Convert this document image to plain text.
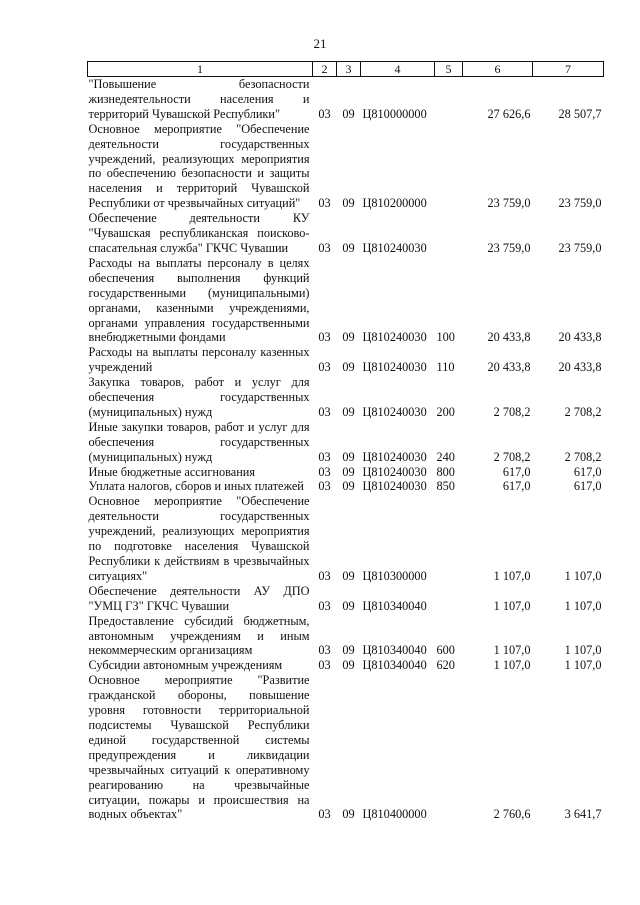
21
1	2	3	4	5	6	7
"Повышение безопасности жизнедеятельности населения и территорий Чувашской Республики"	03	09	Ц810000000		27 626,6	28 507,7
Основное мероприятие "Обеспечение деятельности государственных учреждений, реализующих мероприятия по обеспечению безопасности и защиты населения и территорий Чувашской Республики от чрезвычайных ситуаций"	03	09	Ц810200000		23 759,0	23 759,0
Обеспечение деятельности КУ "Чувашская республиканская поисково-спасательная служба" ГКЧС Чувашии	03	09	Ц810240030		23 759,0	23 759,0
Расходы на выплаты персоналу в целях обеспечения выполнения функций государственными (муниципальными) органами, казенными учреждениями, органами управления государственными внебюджетными фондами	03	09	Ц810240030	100	20 433,8	20 433,8
Расходы на выплаты персоналу казенных учреждений	03	09	Ц810240030	110	20 433,8	20 433,8
Закупка товаров, работ и услуг для обеспечения государственных (муниципальных) нужд	03	09	Ц810240030	200	2 708,2	2 708,2
Иные закупки товаров, работ и услуг для обеспечения государственных (муниципальных) нужд	03	09	Ц810240030	240	2 708,2	2 708,2
Иные бюджетные ассигнования	03	09	Ц810240030	800	617,0	617,0
Уплата налогов, сборов и иных платежей	03	09	Ц810240030	850	617,0	617,0
Основное мероприятие "Обеспечение деятельности государственных учреждений, реализующих мероприятия по подготовке населения Чувашской Республики к действиям в чрезвычайных ситуациях"	03	09	Ц810300000		1 107,0	1 107,0
Обеспечение деятельности АУ ДПО "УМЦ ГЗ" ГКЧС Чувашии	03	09	Ц810340040		1 107,0	1 107,0
Предоставление субсидий бюджетным, автономным учреждениям и иным некоммерческим организациям	03	09	Ц810340040	600	1 107,0	1 107,0
Субсидии автономным учреждениям	03	09	Ц810340040	620	1 107,0	1 107,0
Основное мероприятие "Развитие гражданской обороны, повышение уровня готовности территориальной подсистемы Чувашской Республики единой государственной системы предупреждения и ликвидации чрезвычайных ситуаций к оперативному реагированию на чрезвычайные ситуации, пожары и происшествия на водных объектах"	03	09	Ц810400000		2 760,6	3 641,7
